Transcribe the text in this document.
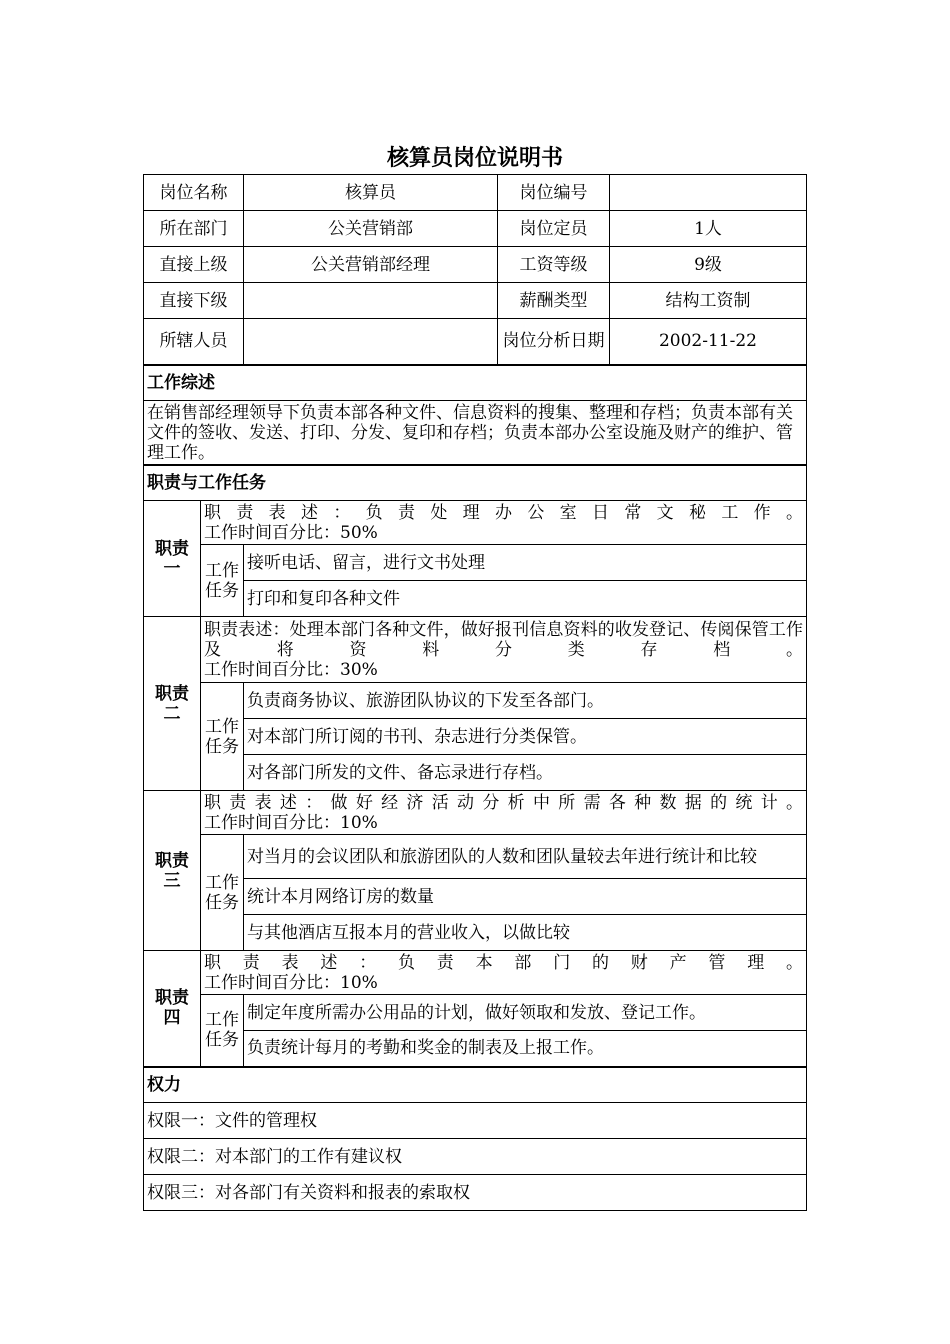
核算员岗位说明书
岗位名称		核算员	岗位编号	
所在部门		公关营销部	岗位定员	1人
直接上级		公关营销部经理	工资等级	9级
直接下级			薪酬类型	结构工资制
所辖人员			岗位分析日期	2002-11-22
工作综述				
在销售部经理领导下负责本部各种文件、信息资料的搜集、整理和存档；负责本部有关文件的签收、发送、打印、分发、复印和存档；负责本部办公室设施及财产的维护、管理工作。				
职责与工作任务				
职责一	职责表述：负责处理办公室日常文秘工作。
工作时间百分比：50%			

	工作任务	接听电话、留言，进行文书处理		
		打印和复印各种文件		
职责二	职责表述：处理本部门各种文件，做好报刊信息资料的收发登记、传阅保管工作及将资料分类存档。
工作时间百分比：30%			

	工作任务	负责商务协议、旅游团队协议的下发至各部门。		
		对本部门所订阅的书刊、杂志进行分类保管。		
		对各部门所发的文件、备忘录进行存档。		
职责三	职责表述：做好经济活动分析中所需各种数据的统计。
工作时间百分比：10%			

	工作任务	对当月的会议团队和旅游团队的人数和团队量较去年进行统计和比较		
		统计本月网络订房的数量		
		与其他酒店互报本月的营业收入，以做比较		
职责四	职责表述：负责本部门的财产管理。
工作时间百分比：10%			

	工作任务	制定年度所需办公用品的计划，做好领取和发放、登记工作。		
		负责统计每月的考勤和奖金的制表及上报工作。		
权力				
权限一：文件的管理权				
权限二：对本部门的工作有建议权				
权限三：对各部门有关资料和报表的索取权				
